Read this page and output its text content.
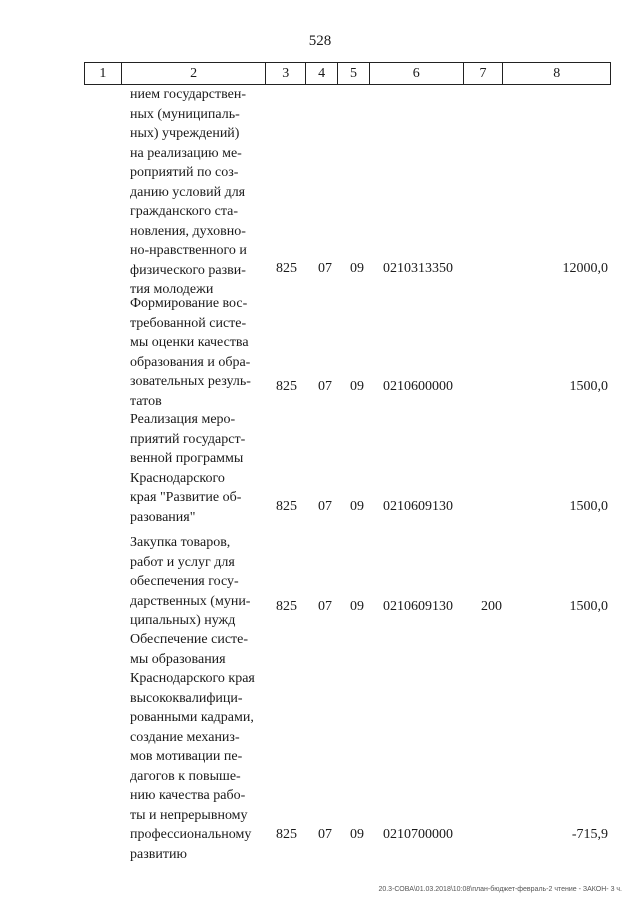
528
1	2	3	4	5	6	7	8
нием государствен-
ных (муниципаль-
ных) учреждений)
на реализацию ме-
роприятий по соз-
данию условий для
гражданского ста-
новления, духовно-
но-нравственного и
физического разви-
тия молодежи
825 07 09 0210313350	12000,0
Формирование вос-
требованной систе-
мы оценки качества
образования и обра-
зовательных резуль-
татов
825 07 09 0210600000	1500,0
Реализация меро-
приятий государст-
венной программы
Краснодарского
края "Развитие об-
разования"
825 07 09 0210609130	1500,0
Закупка товаров,
работ и услуг для
обеспечения госу-
дарственных (муни-
ципальных) нужд
825 07 09 0210609130 200	1500,0
Обеспечение систе-
мы образования
Краснодарского края
высококвалифици-
рованными кадрами,
создание механиз-
мов мотивации пе-
дагогов к повыше-
нию качества рабо-
ты и непрерывному
профессиональному
развитию
825 07 09 0210700000	-715,9
20.3-СОВА\01.03.2018\10:08\план-бюджет-февраль-2 чтение - ЗАКОН- 3 ч.
